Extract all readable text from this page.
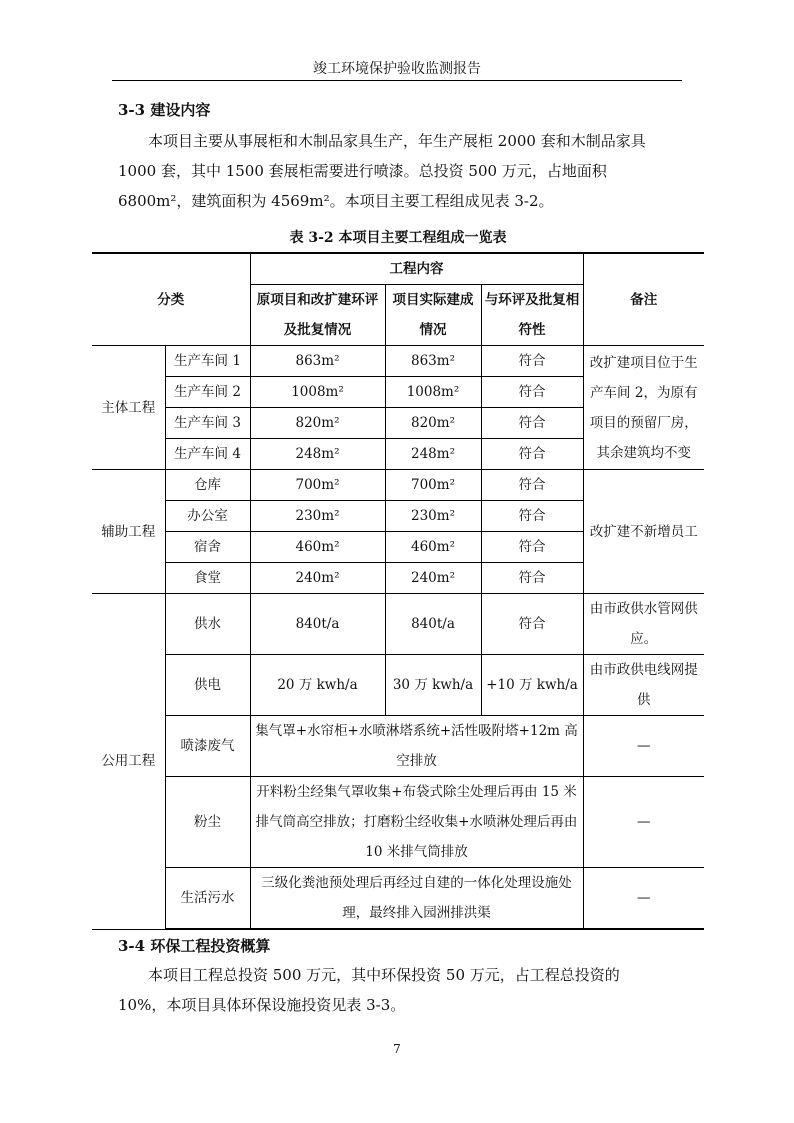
竣工环境保护验收监测报告
3-3 建设内容
本项目主要从事展柜和木制品家具生产，年生产展柜 2000 套和木制品家具
1000 套，其中 1500 套展柜需要进行喷漆。总投资 500 万元，占地面积
6800m²，建筑面积为 4569m²。本项目主要工程组成见表 3-2。
表 3-2 本项目主要工程组成一览表
分类		工程内容			备注
		原项目和改扩建环评及批复情况	项目实际建成情况	与环评及批复相符性	
主体工程	生产车间 1	863m²	863m²	符合	改扩建项目位于生产车间 2，为原有项目的预留厂房，其余建筑均不变
	生产车间 2	1008m²	1008m²	符合	
	生产车间 3	820m²	820m²	符合	
	生产车间 4	248m²	248m²	符合	
辅助工程	仓库	700m²	700m²	符合	改扩建不新增员工
	办公室	230m²	230m²	符合	
	宿舍	460m²	460m²	符合	
	食堂	240m²	240m²	符合	
公用工程	供水	840t/a	840t/a	符合	由市政供水管网供应。
	供电	20 万 kwh/a	30 万 kwh/a	+10 万 kwh/a	由市政供电线网提供
	喷漆废气	集气罩+水帘柜+水喷淋塔系统+活性吸附塔+12m 高空排放			—
	粉尘	开料粉尘经集气罩收集+布袋式除尘处理后再由 15 米排气筒高空排放；打磨粉尘经收集+水喷淋处理后再由 10 米排气筒排放			—
	生活污水	三级化粪池预处理后再经过自建的一体化处理设施处理，最终排入园洲排洪渠			—
3-4 环保工程投资概算
本项目工程总投资 500 万元，其中环保投资 50 万元，占工程总投资的
10%，本项目具体环保设施投资见表 3-3。
7
